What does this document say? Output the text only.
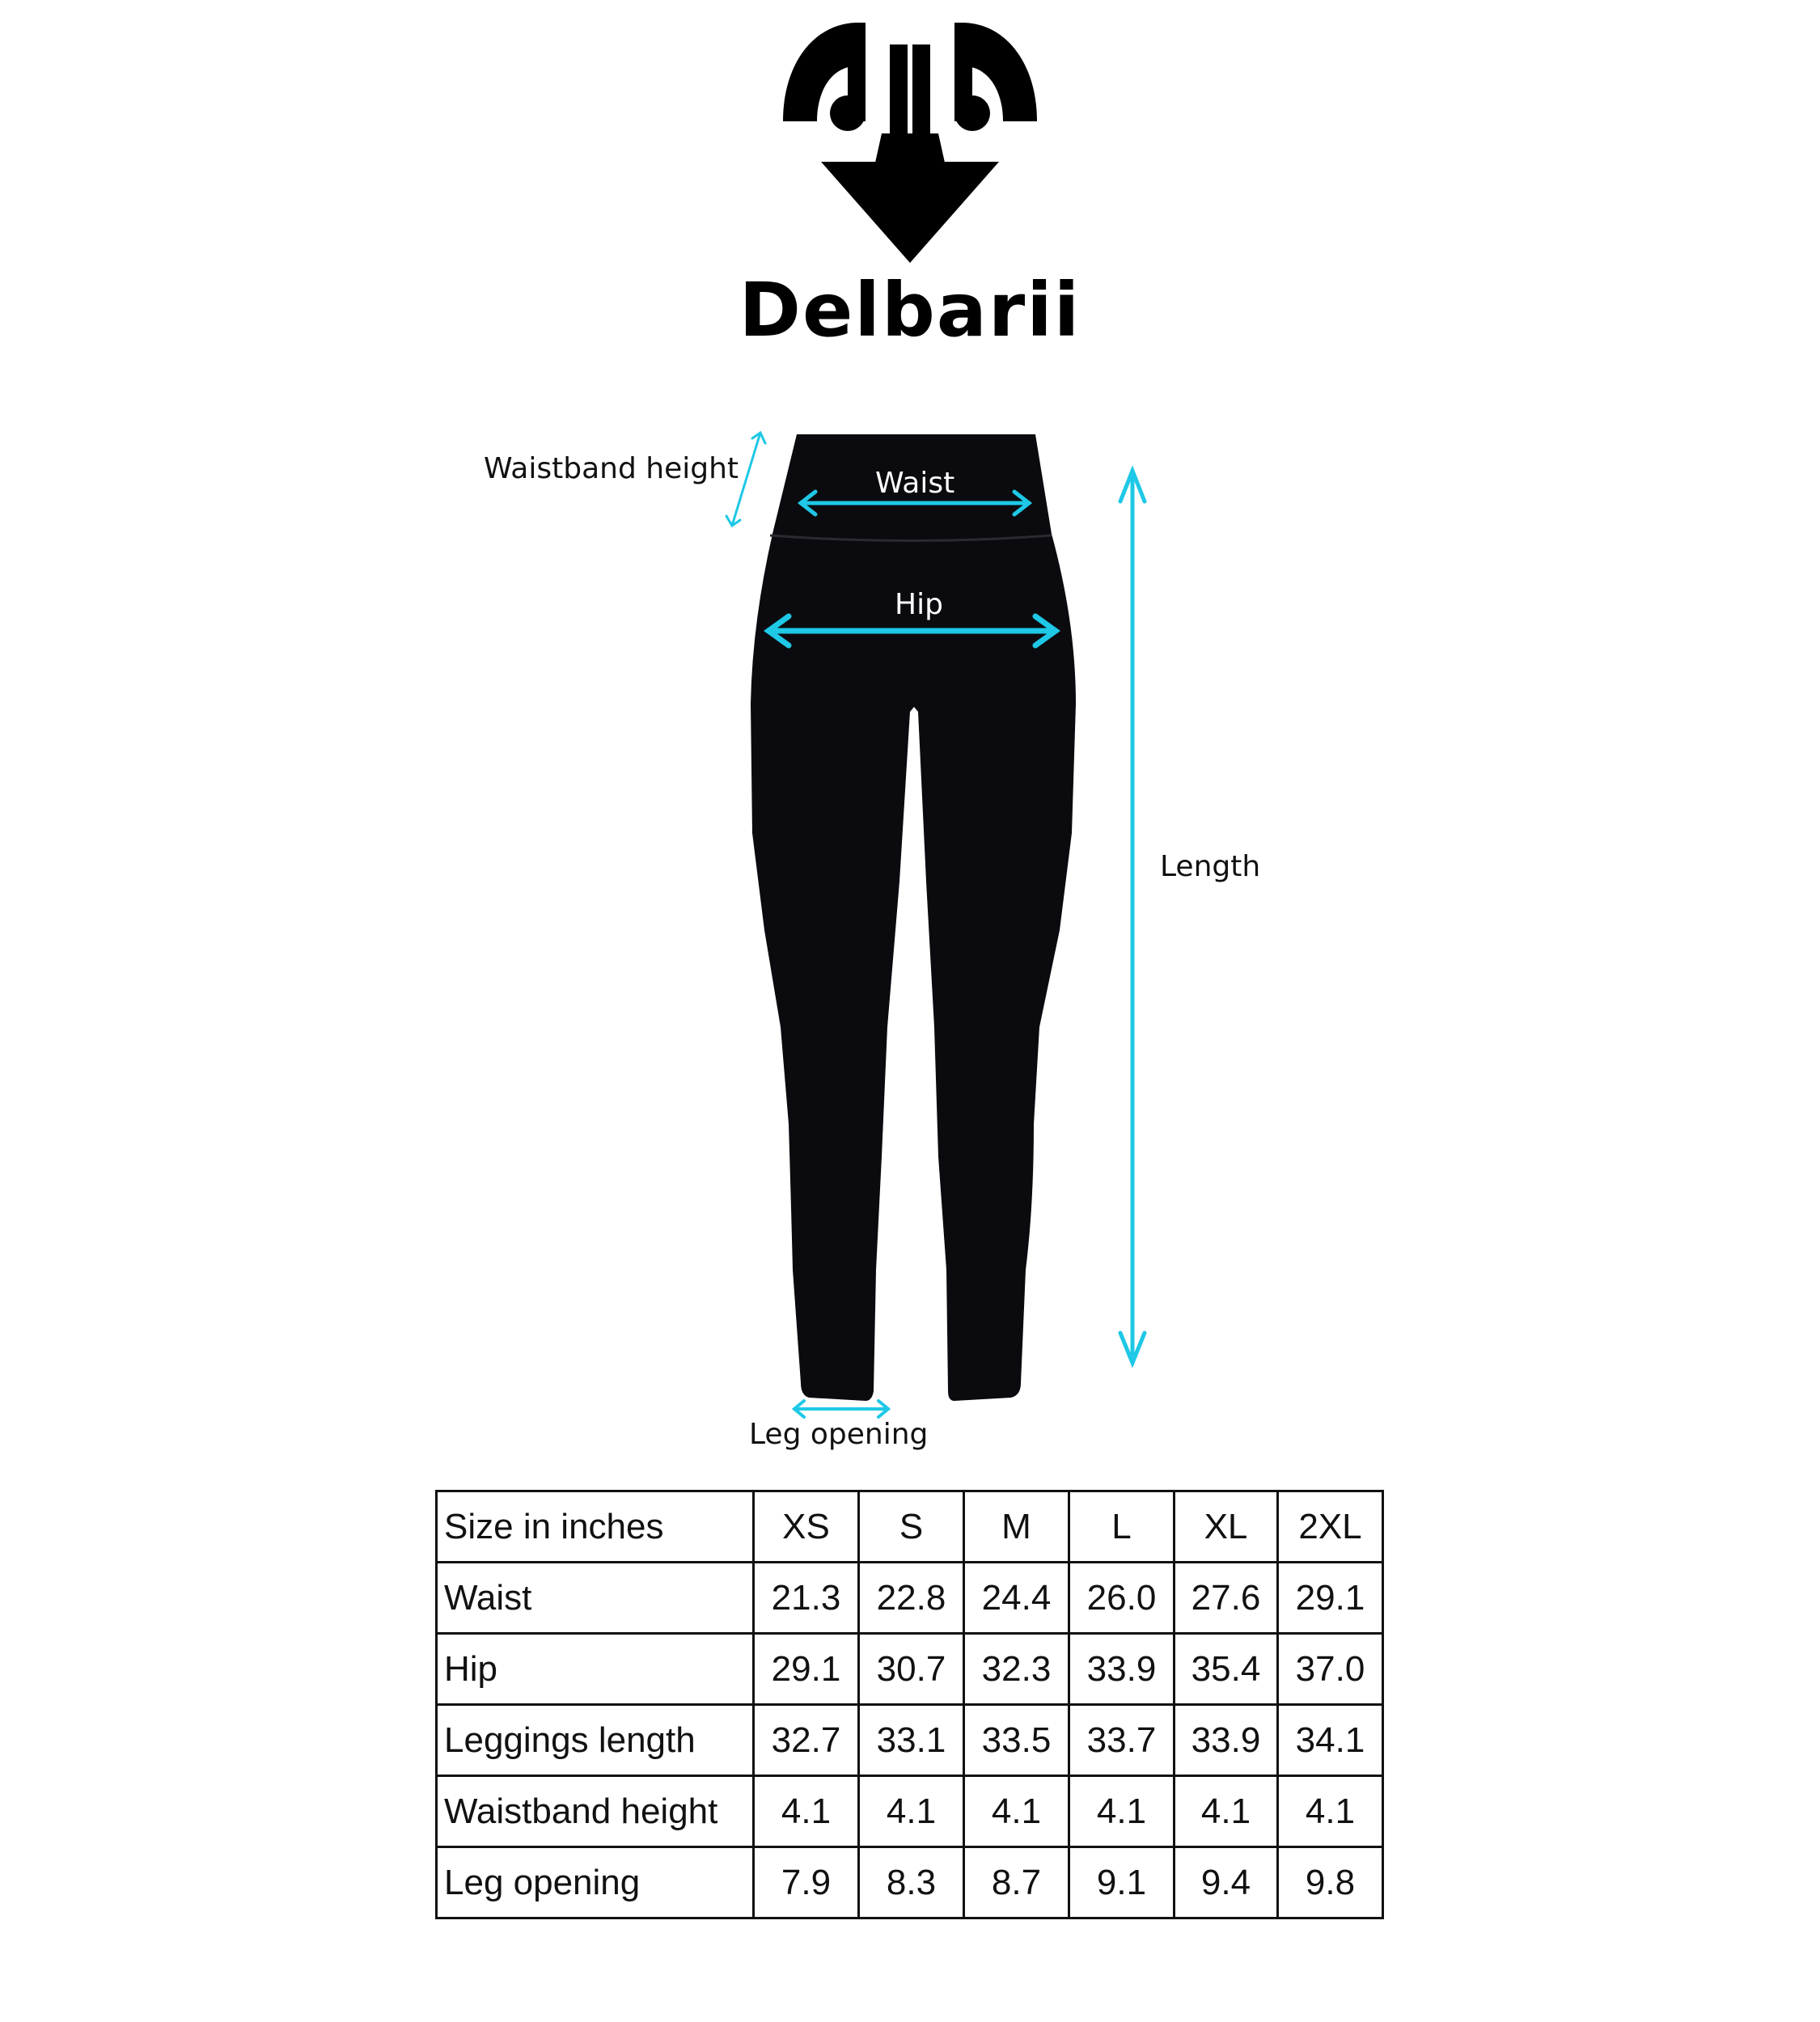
Delbarii
Waistband height	Waist
Hip
Length
Leg opening
Size in inches	XS	S	M	L	XL	2XL
Waist	21.3	22.8	24.4	26.0	27.6	29.1
Hip	29.1	30.7	32.3	33.9	35.4	37.0
Leggings length	32.7	33.1	33.5	33.7	33.9	34.1
Waistband height	4.1	4.1	4.1	4.1	4.1	4.1
Leg opening	7.9	8.3	8.7	9.1	9.4	9.8
